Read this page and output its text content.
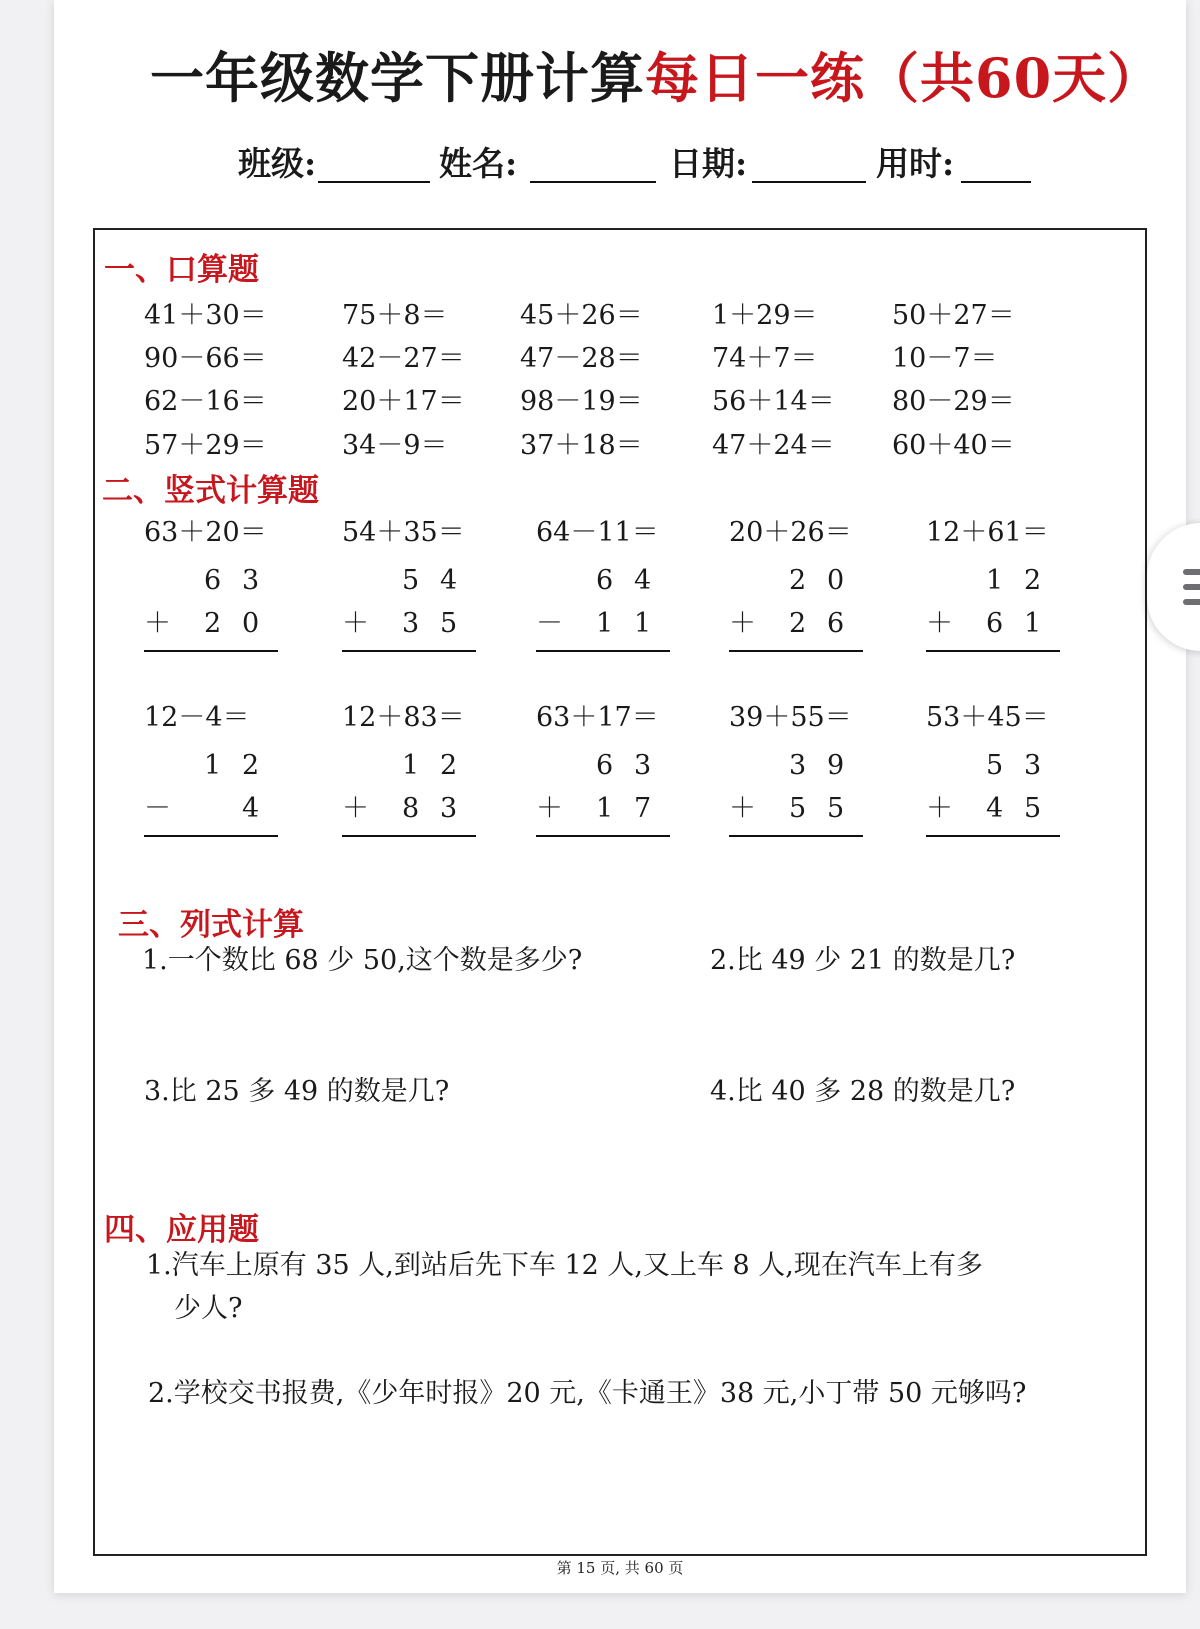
一年级数学下册计算每日一练（共60天）
班级:	姓名:	日期:	用时:
一、口算题
41＋30＝	75＋8＝	45＋26＝	1＋29＝	50＋27＝
90－66＝	42－27＝ 47－28＝	74＋7＝	10－7＝
62－16＝	20＋17＝ 98－19＝	56＋14＝ 80－29＝
57＋29＝	34－9＝	37＋18＝	47＋24＝ 60＋40＝
二、竖式计算题
63＋20＝
6 3
＋ 2 0
54＋35＝
5 4
＋ 3 5
64－11＝
6 4
－ 1 1
20＋26＝
2 0
＋ 2 6
12＋61＝
1 2
＋ 6 1
12－4＝
1 2
－	4
12＋83＝
1 2
＋ 8 3
63＋17＝
6 3
＋ 1 7
39＋55＝
3 9
＋ 5 5
53＋45＝
5 3
＋ 4 5
三、列式计算
1.一个数比 68 少 50,这个数是多少?	2.比 49 少 21 的数是几?
3.比 25 多 49 的数是几?	4.比 40 多 28 的数是几?
四、应用题
1.汽车上原有 35 人,到站后先下车 12 人,又上车 8 人,现在汽车上有多
少人?
2.学校交书报费,《少年时报》20 元,《卡通王》38 元,小丁带 50 元够吗?
第 15 页, 共 60 页
